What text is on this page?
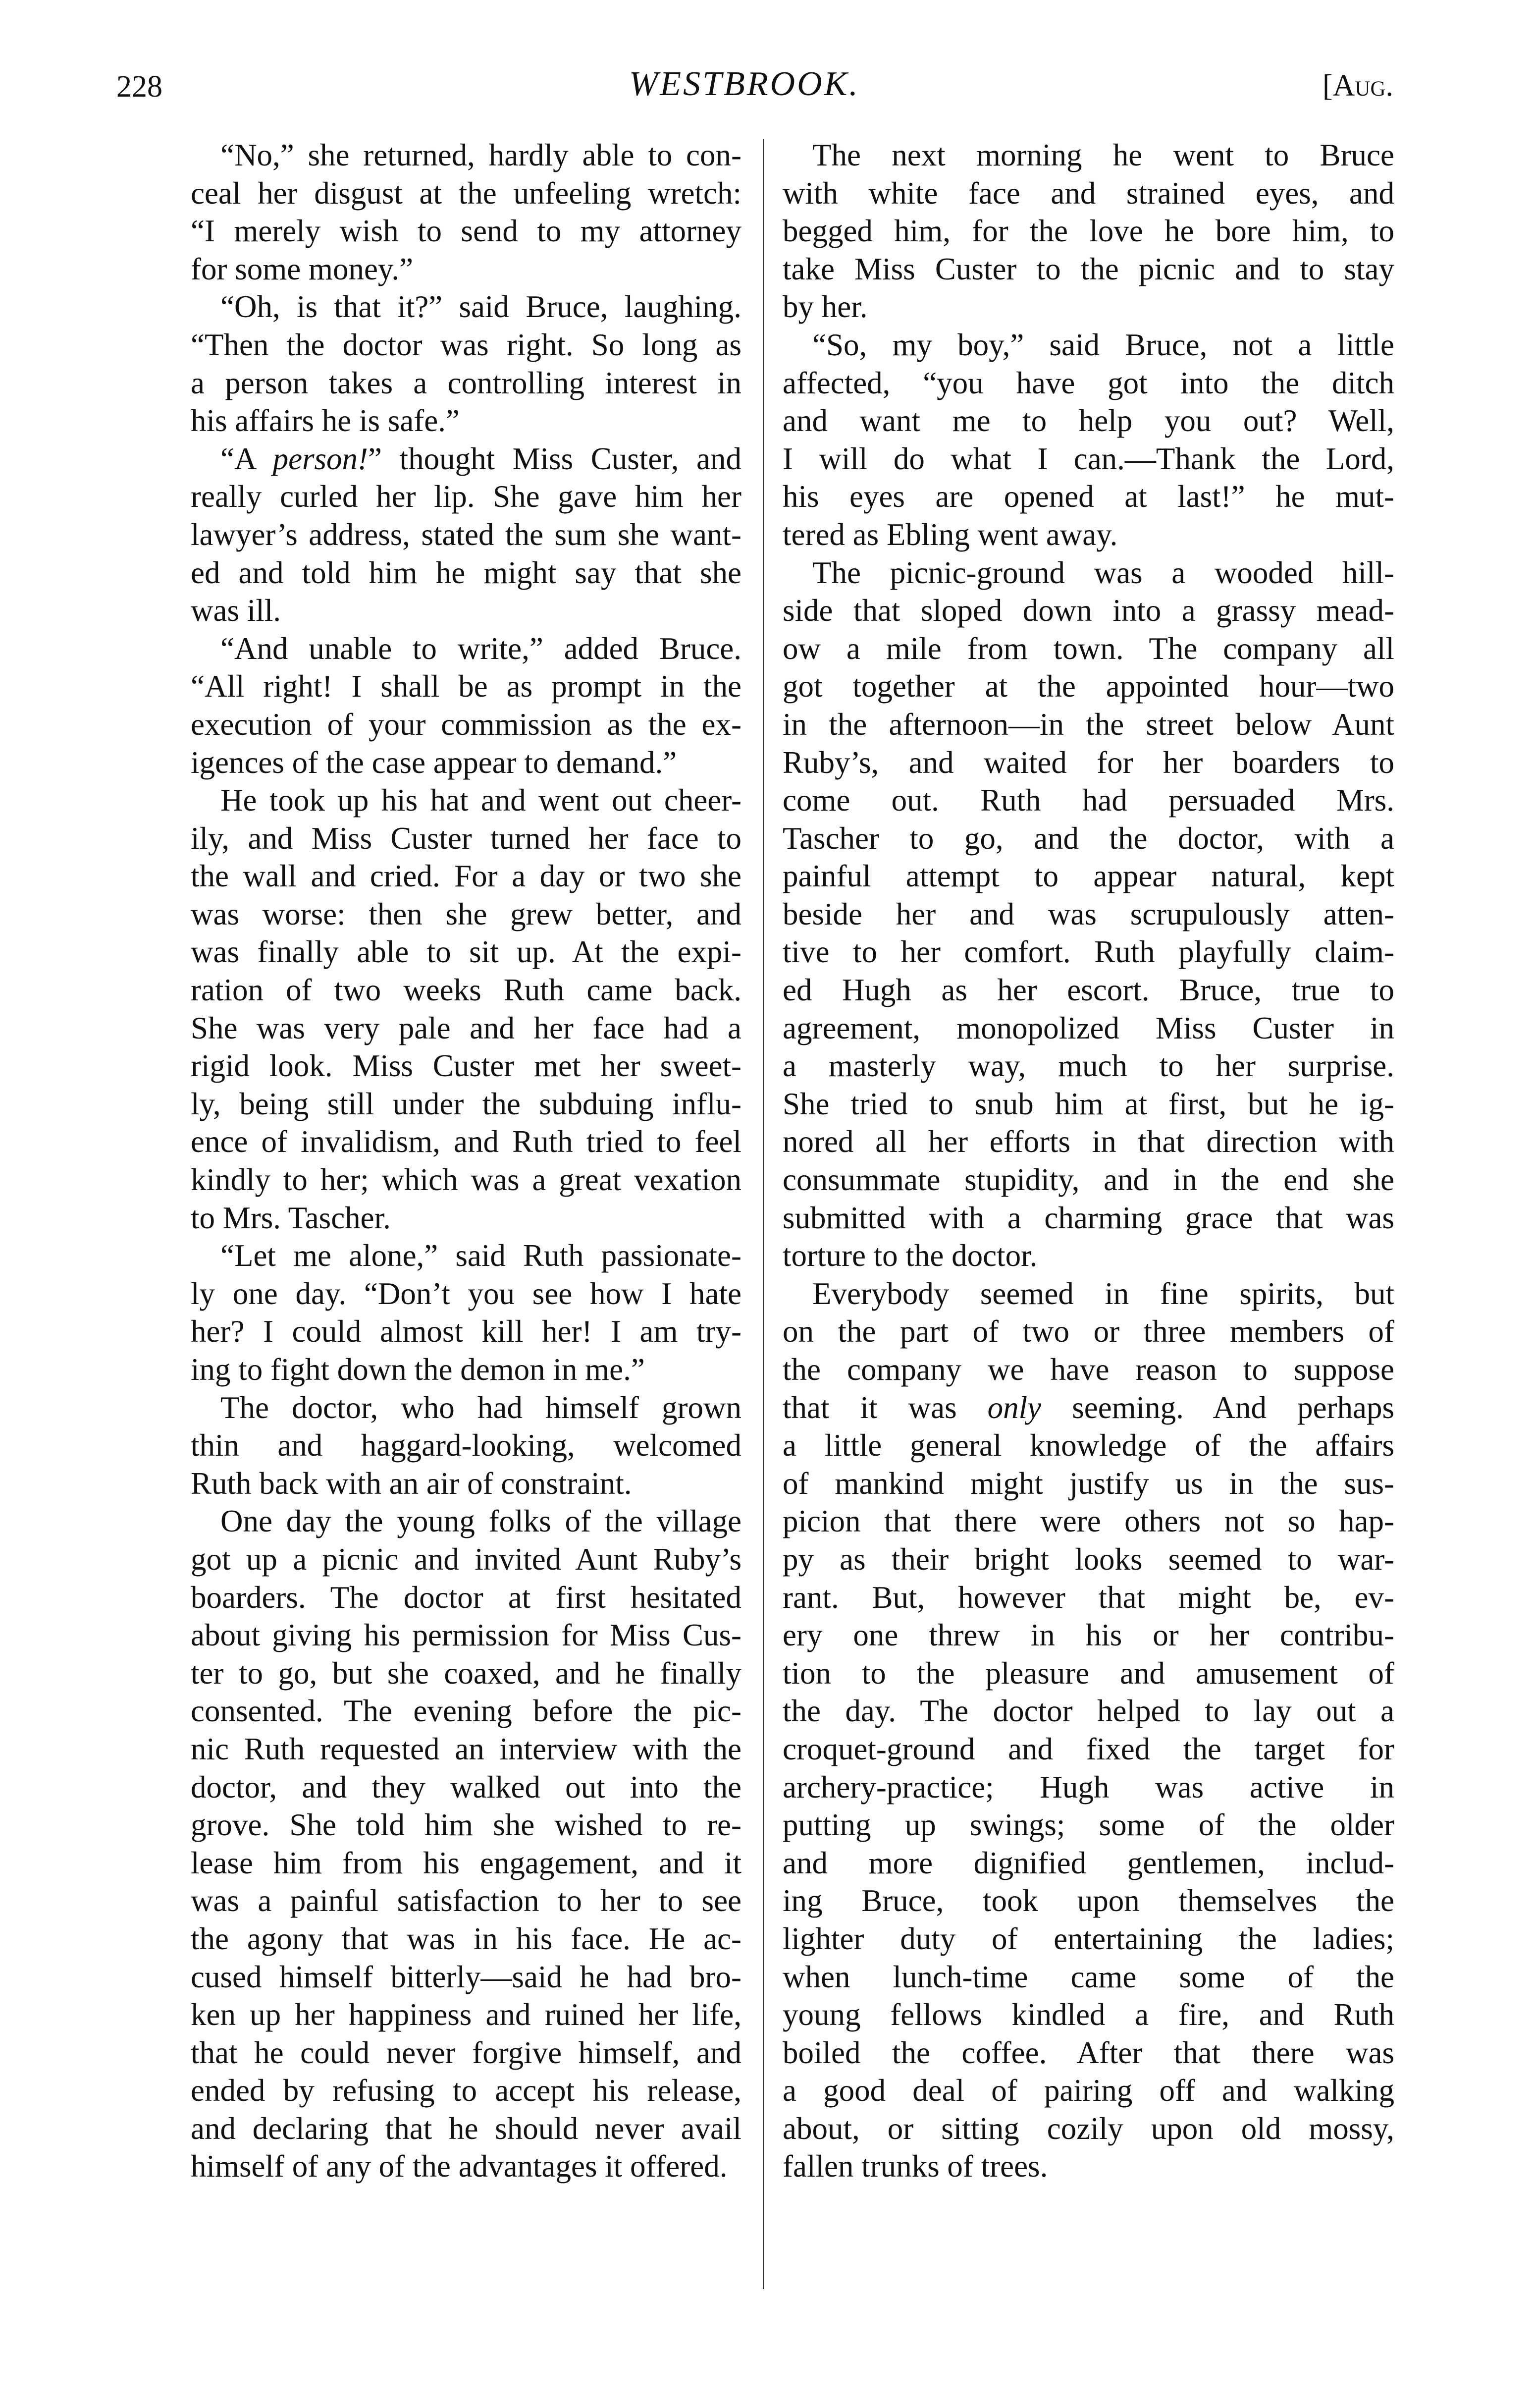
228	WESTBROOK.	[Aug.
“No,” she returned, hardly able to con-
ceal her disgust at the unfeeling wretch:
“I merely wish to send to my attorney
for some money.”
“Oh, is that it?” said Bruce, laughing.
“Then the doctor was right. So long as
a person takes a controlling interest in
his affairs he is safe.”
“A person!” thought Miss Custer, and
really curled her lip. She gave him her
lawyer’s address, stated the sum she want-
ed and told him he might say that she
was ill.
“And unable to write,” added Bruce.
“All right! I shall be as prompt in the
execution of your commission as the ex-
igences of the case appear to demand.”
He took up his hat and went out cheer-
ily, and Miss Custer turned her face to
the wall and cried. For a day or two she
was worse: then she grew better, and
was finally able to sit up. At the expi-
ration of two weeks Ruth came back.
She was very pale and her face had a
rigid look. Miss Custer met her sweet-
ly, being still under the subduing influ-
ence of invalidism, and Ruth tried to feel
kindly to her; which was a great vexation
to Mrs. Tascher.
“Let me alone,” said Ruth passionate-
ly one day. “Don’t you see how I hate
her? I could almost kill her! I am try-
ing to fight down the demon in me.”
The doctor, who had himself grown
thin and haggard-looking, welcomed
Ruth back with an air of constraint.
One day the young folks of the village
got up a picnic and invited Aunt Ruby’s
boarders. The doctor at first hesitated
about giving his permission for Miss Cus-
ter to go, but she coaxed, and he finally
consented. The evening before the pic-
nic Ruth requested an interview with the
doctor, and they walked out into the
grove. She told him she wished to re-
lease him from his engagement, and it
was a painful satisfaction to her to see
the agony that was in his face. He ac-
cused himself bitterly—said he had bro-
ken up her happiness and ruined her life,
that he could never forgive himself, and
ended by refusing to accept his release,
and declaring that he should never avail
himself of any of the advantages it offered.
The next morning he went to Bruce
with white face and strained eyes, and
begged him, for the love he bore him, to
take Miss Custer to the picnic and to stay
by her.
“So, my boy,” said Bruce, not a little
affected, “you have got into the ditch
and want me to help you out? Well,
I will do what I can.—Thank the Lord,
his eyes are opened at last!” he mut-
tered as Ebling went away.
The picnic-ground was a wooded hill-
side that sloped down into a grassy mead-
ow a mile from town. The company all
got together at the appointed hour—two
in the afternoon—in the street below Aunt
Ruby’s, and waited for her boarders to
come out. Ruth had persuaded Mrs.
Tascher to go, and the doctor, with a
painful attempt to appear natural, kept
beside her and was scrupulously atten-
tive to her comfort. Ruth playfully claim-
ed Hugh as her escort. Bruce, true to
agreement, monopolized Miss Custer in
a masterly way, much to her surprise.
She tried to snub him at first, but he ig-
nored all her efforts in that direction with
consummate stupidity, and in the end she
submitted with a charming grace that was
torture to the doctor.
Everybody seemed in fine spirits, but
on the part of two or three members of
the company we have reason to suppose
that it was only seeming. And perhaps
a little general knowledge of the affairs
of mankind might justify us in the sus-
picion that there were others not so hap-
py as their bright looks seemed to war-
rant. But, however that might be, ev-
ery one threw in his or her contribu-
tion to the pleasure and amusement of
the day. The doctor helped to lay out a
croquet-ground and fixed the target for
archery-practice; Hugh was active in
putting up swings; some of the older
and more dignified gentlemen, includ-
ing Bruce, took upon themselves the
lighter duty of entertaining the ladies;
when lunch-time came some of the
young fellows kindled a fire, and Ruth
boiled the coffee. After that there was
a good deal of pairing off and walking
about, or sitting cozily upon old mossy,
fallen trunks of trees.
